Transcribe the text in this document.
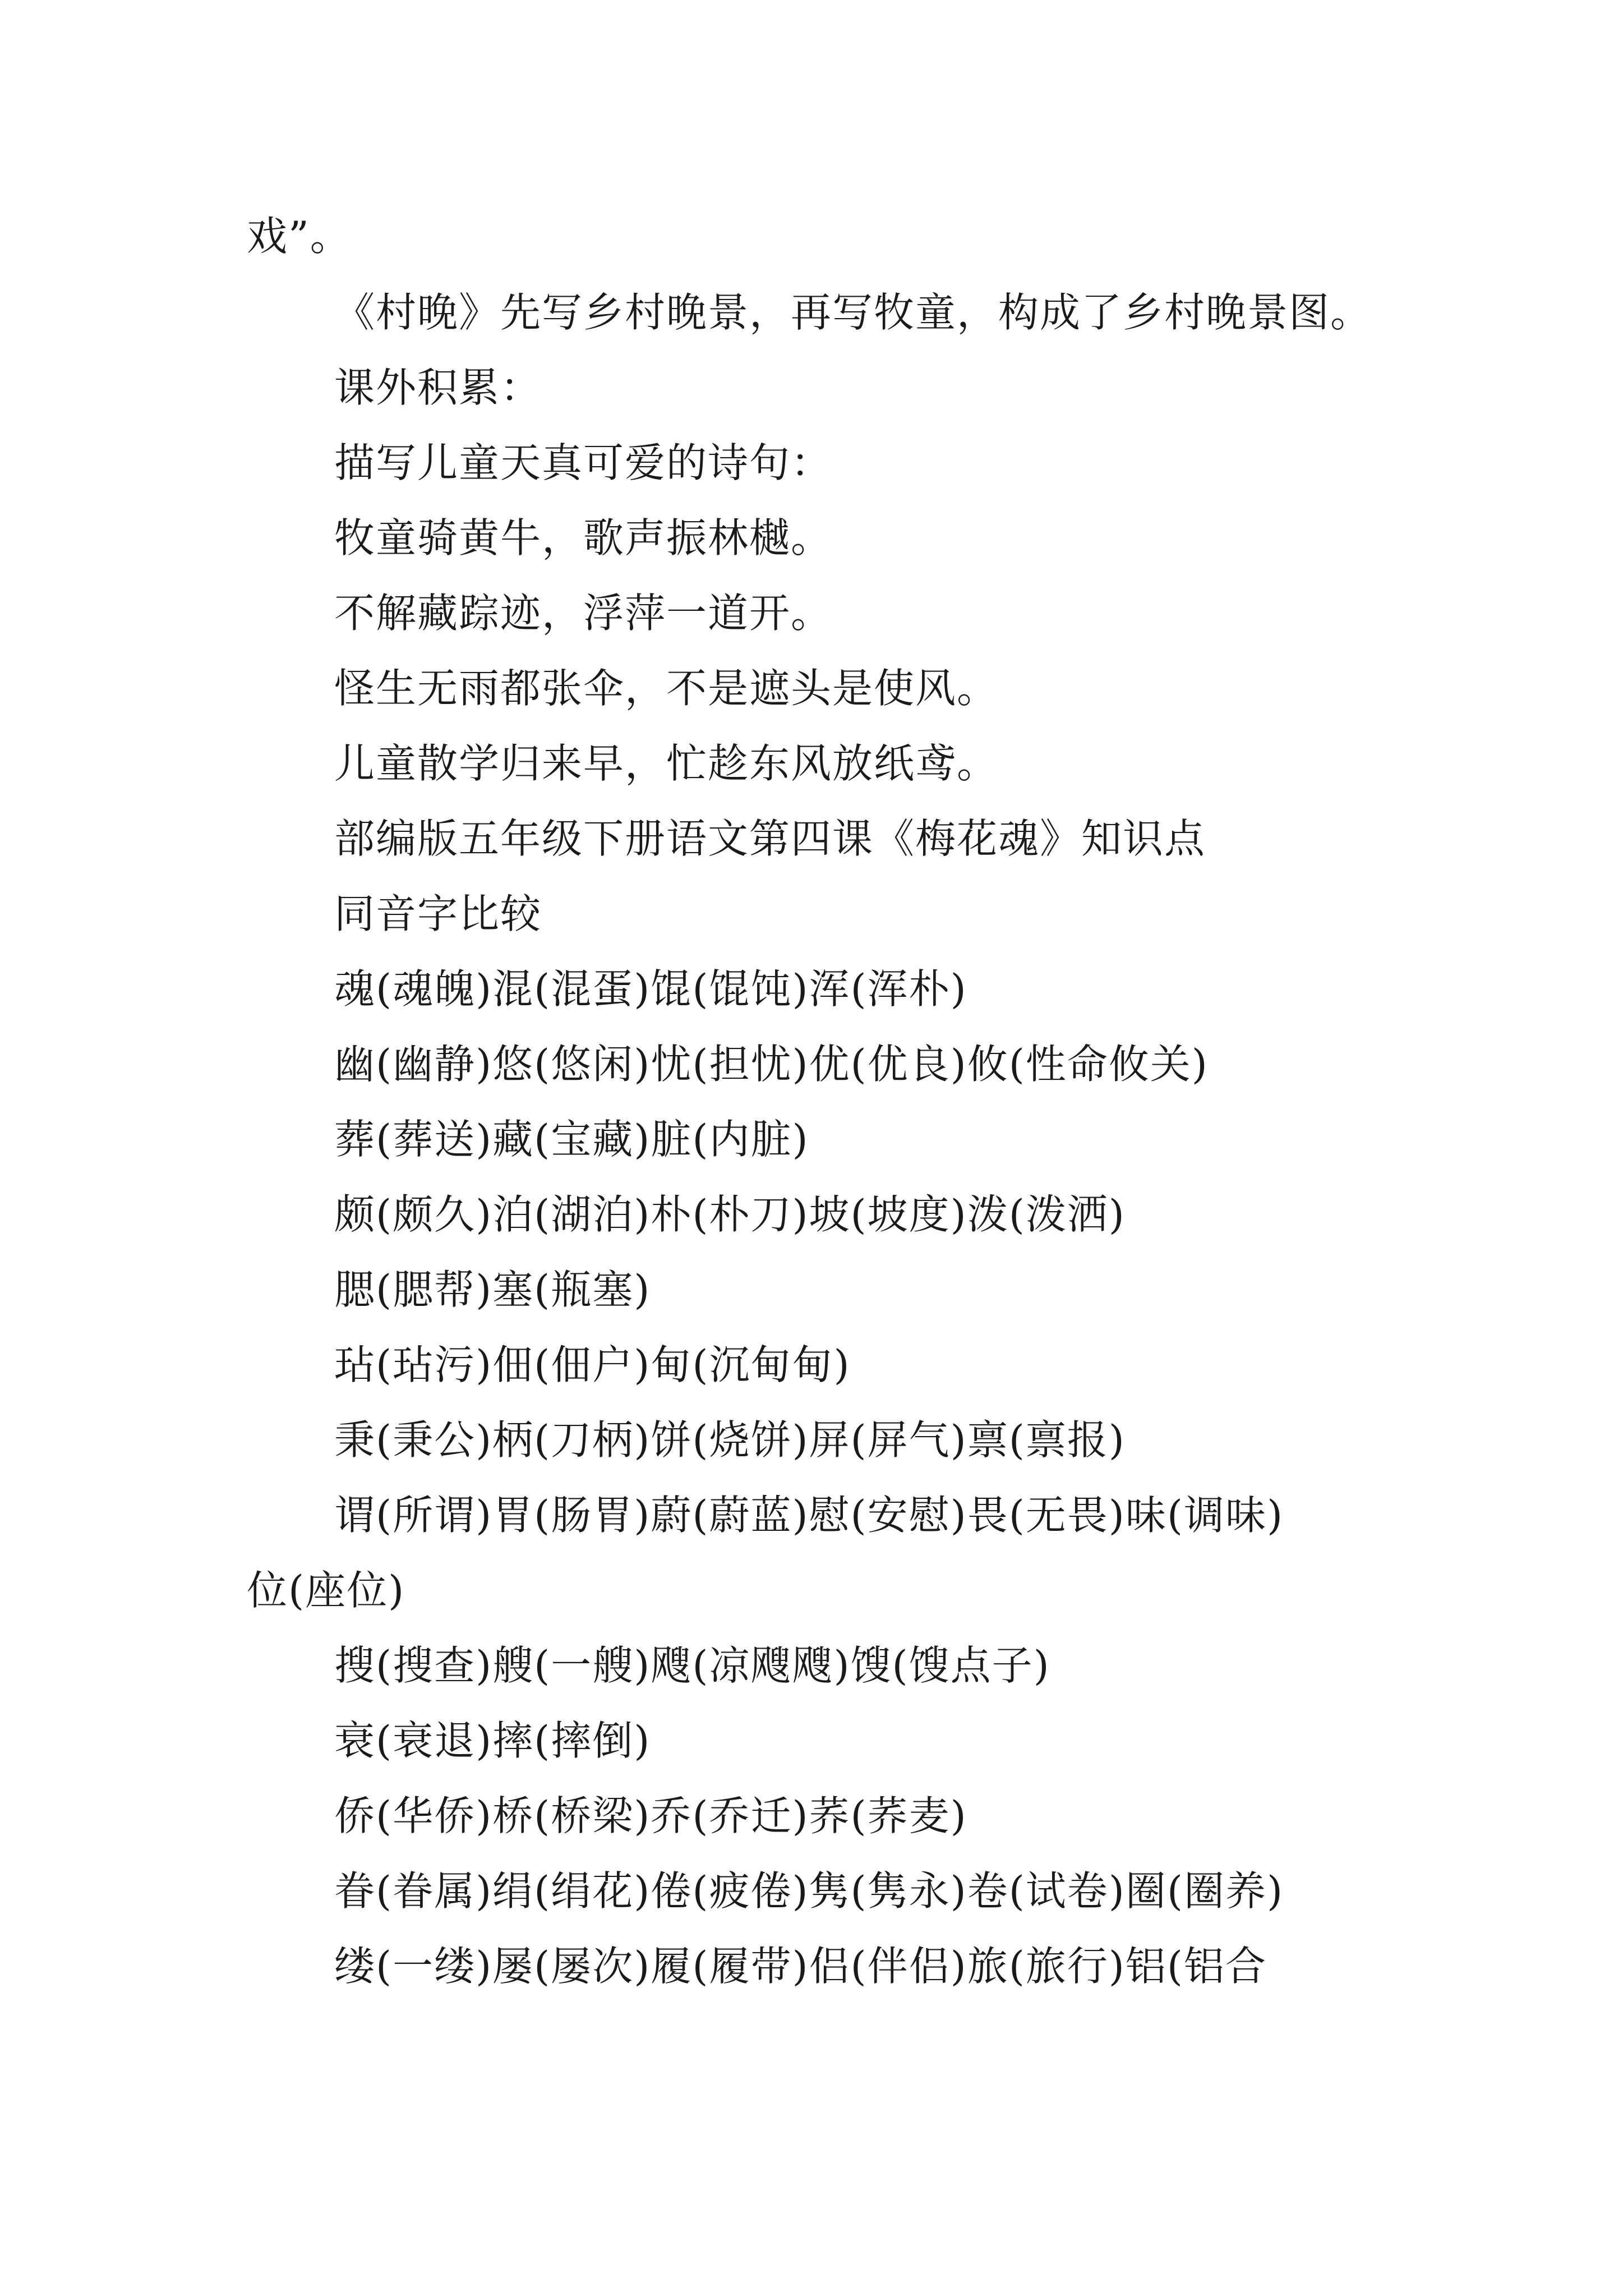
戏”。
《村晚》先写乡村晚景，再写牧童，构成了乡村晚景图。
课外积累：
描写儿童天真可爱的诗句：
牧童骑黄牛，歌声振林樾。
不解藏踪迹，浮萍一道开。
怪生无雨都张伞，不是遮头是使风。
儿童散学归来早，忙趁东风放纸鸢。
部编版五年级下册语文第四课《梅花魂》知识点
同音字比较
魂(魂魄)混(混蛋)馄(馄饨)浑(浑朴)
幽(幽静)悠(悠闲)忧(担忧)优(优良)攸(性命攸关)
葬(葬送)藏(宝藏)脏(内脏)
颇(颇久)泊(湖泊)朴(朴刀)坡(坡度)泼(泼洒)
腮(腮帮)塞(瓶塞)
玷(玷污)佃(佃户)甸(沉甸甸)
秉(秉公)柄(刀柄)饼(烧饼)屏(屏气)禀(禀报)
谓(所谓)胃(肠胃)蔚(蔚蓝)慰(安慰)畏(无畏)味(调味)
位(座位)
搜(搜查)艘(一艘)飕(凉飕飕)馊(馊点子)
衰(衰退)摔(摔倒)
侨(华侨)桥(桥梁)乔(乔迁)荞(荞麦)
眷(眷属)绢(绢花)倦(疲倦)隽(隽永)卷(试卷)圈(圈养)
缕(一缕)屡(屡次)履(履带)侣(伴侣)旅(旅行)铝(铝合
